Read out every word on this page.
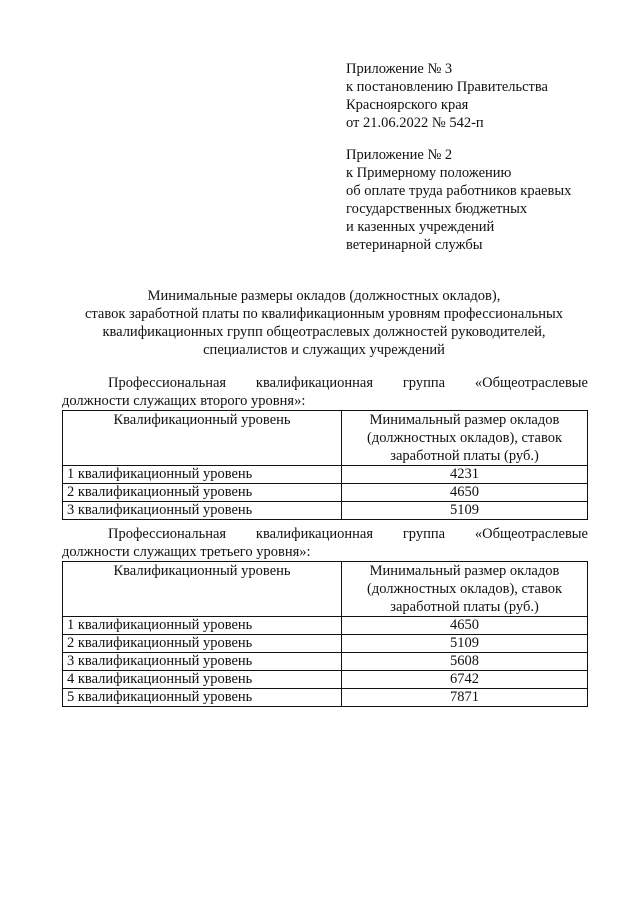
Приложение № 3
к постановлению Правительства
Красноярского края
от 21.06.2022 № 542-п
Приложение № 2
к Примерному положению
об оплате труда работников краевых
государственных бюджетных
и казенных учреждений
ветеринарной службы
Минимальные размеры окладов (должностных окладов),
ставок заработной платы по квалификационным уровням профессиональных
квалификационных групп общеотраслевых должностей руководителей,
специалистов и служащих учреждений
Профессиональная квалификационная группа «Общеотраслевые
должности служащих второго уровня»:
Квалификационный уровень	Минимальный размер окладов
(должностных окладов), ставок
заработной платы (руб.)

1 квалификационный уровень	4231
2 квалификационный уровень	4650
3 квалификационный уровень	5109
Профессиональная квалификационная группа «Общеотраслевые
должности служащих третьего уровня»:
Квалификационный уровень	Минимальный размер окладов
(должностных окладов), ставок
заработной платы (руб.)

1 квалификационный уровень	4650
2 квалификационный уровень	5109
3 квалификационный уровень	5608
4 квалификационный уровень	6742
5 квалификационный уровень	7871
